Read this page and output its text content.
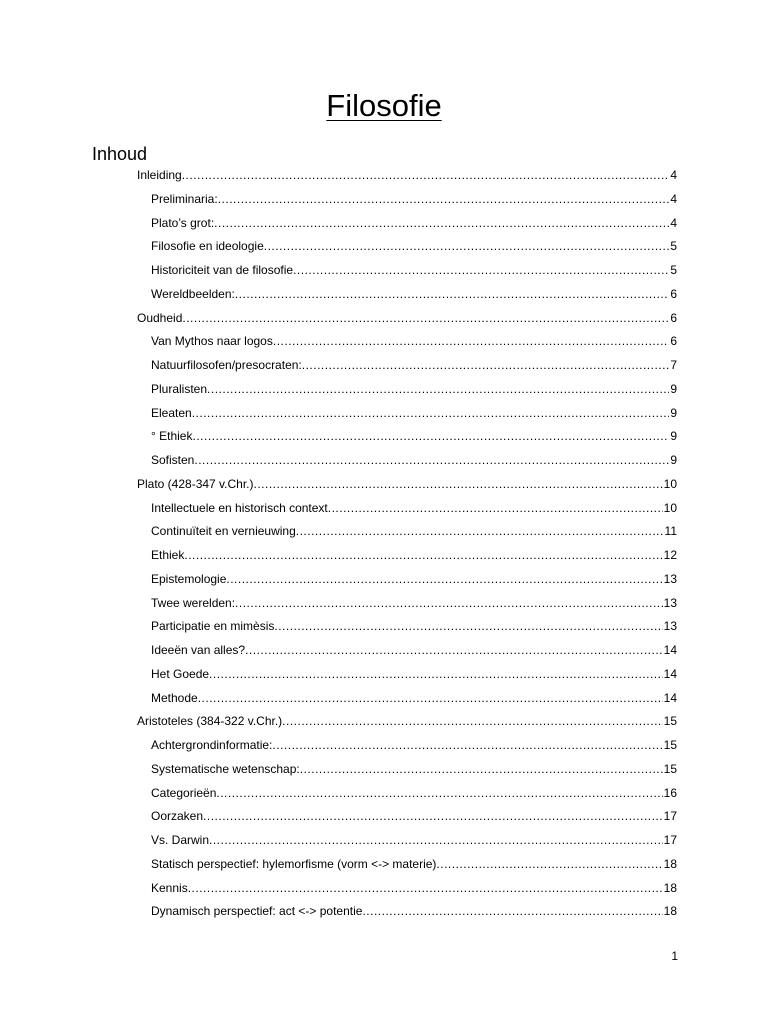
Filosofie
Inhoud
Inleiding .....	4
Preliminaria: .....	4
Plato’s grot: .....	4
Filosofie en ideologie .....	5
Historiciteit van de filosofie .....	5
Wereldbeelden: .....	6
Oudheid .....	6
Van Mythos naar logos .....	6
Natuurfilosofen/presocraten: .....	7
Pluralisten .....	9
Eleaten .....	9
° Ethiek .....	9
Sofisten .....	9
Plato (428-347 v.Chr.) .....	10
Intellectuele en historisch context .....	10
Continuïteit en vernieuwing .....	11
Ethiek .....	12
Epistemologie .....	13
Twee werelden: .....	13
Participatie en mimèsis .....	13
Ideeën van alles? .....	14
Het Goede .....	14
Methode .....	14
Aristoteles (384-322 v.Chr.) .....	15
Achtergrondinformatie: .....	15
Systematische wetenschap: .....	15
Categorieën .....	16
Oorzaken .....	17
Vs. Darwin .....	17
Statisch perspectief: hylemorfisme (vorm <-> materie) .....	18
Kennis .....	18
Dynamisch perspectief: act <-> potentie .....	18
1
